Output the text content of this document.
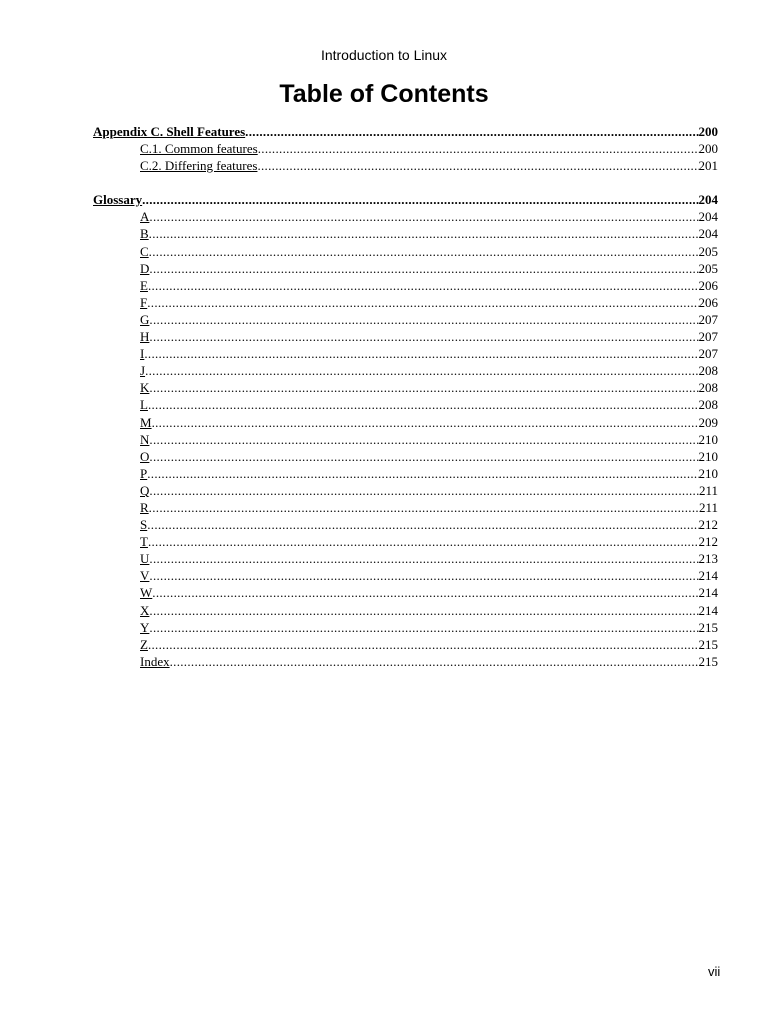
Introduction to Linux
Table of Contents
Appendix C. Shell Features .....	200
C.1. Common features .....	200
C.2. Differing features .....	201
Glossary .....	204
A .....	204
B .....	204
C .....	205
D .....	205
E .....	206
F .....	206
G .....	207
H .....	207
I .....	207
J .....	208
K .....	208
L .....	208
M .....	209
N .....	210
O .....	210
P .....	210
Q .....	211
R .....	211
S .....	212
T .....	212
U .....	213
V .....	214
W .....	214
X .....	214
Y .....	215
Z .....	215
Index .....	215
vii
